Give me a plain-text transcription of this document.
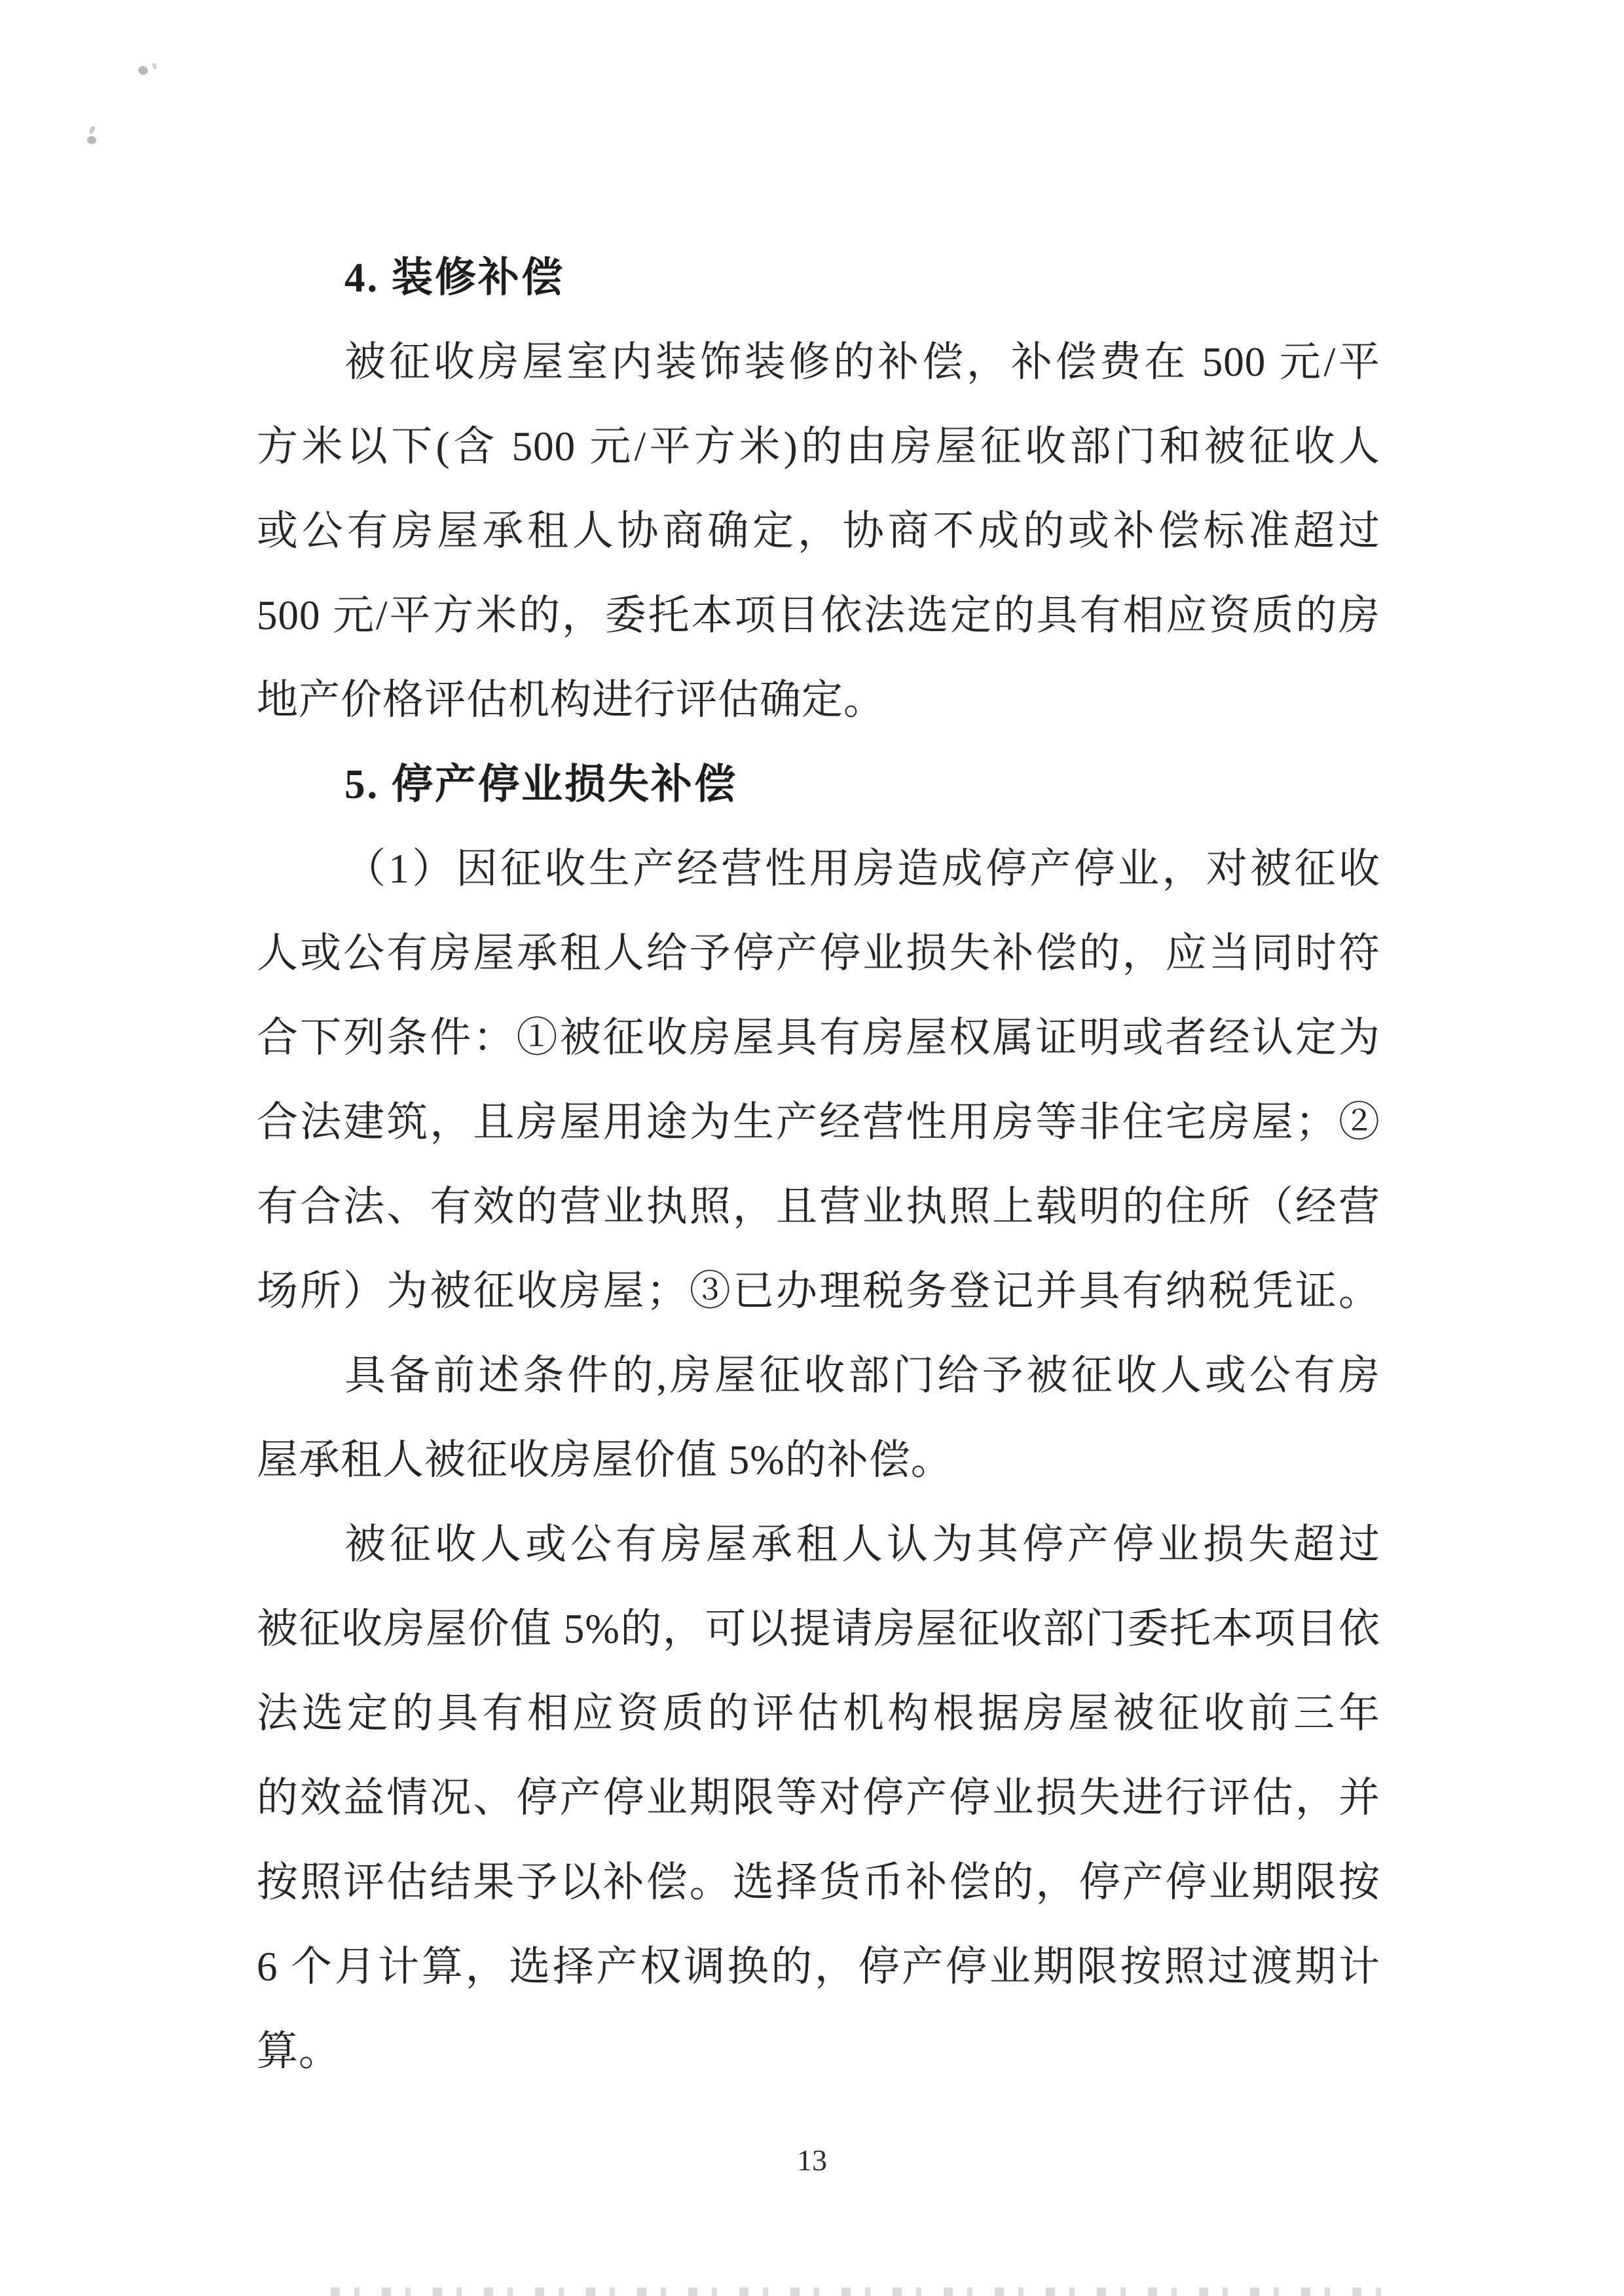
4. 装修补偿
被征收房屋室内装饰装修的补偿，补偿费在 500 元/平
方米以下(含 500 元/平方米)的由房屋征收部门和被征收人
或公有房屋承租人协商确定，协商不成的或补偿标准超过
500 元/平方米的，委托本项目依法选定的具有相应资质的房
地产价格评估机构进行评估确定。
5. 停产停业损失补偿
（1）因征收生产经营性用房造成停产停业，对被征收
人或公有房屋承租人给予停产停业损失补偿的，应当同时符
合下列条件：①被征收房屋具有房屋权属证明或者经认定为
合法建筑，且房屋用途为生产经营性用房等非住宅房屋；②
有合法、有效的营业执照，且营业执照上载明的住所（经营
场所）为被征收房屋；③已办理税务登记并具有纳税凭证。
具备前述条件的,房屋征收部门给予被征收人或公有房
屋承租人被征收房屋价值 5%的补偿。
被征收人或公有房屋承租人认为其停产停业损失超过
被征收房屋价值 5%的，可以提请房屋征收部门委托本项目依
法选定的具有相应资质的评估机构根据房屋被征收前三年
的效益情况、停产停业期限等对停产停业损失进行评估，并
按照评估结果予以补偿。选择货币补偿的，停产停业期限按
6 个月计算，选择产权调换的，停产停业期限按照过渡期计
算。
13
